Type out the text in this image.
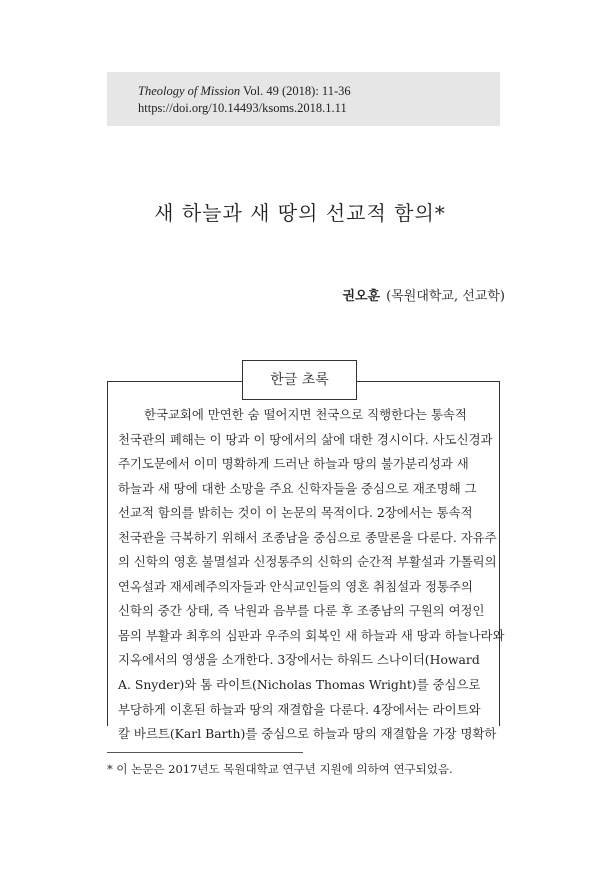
Theology of Mission Vol. 49 (2018): 11-36
https://doi.org/10.14493/ksoms.2018.1.11
새 하늘과 새 땅의 선교적 함의*
권오훈 (목원대학교, 선교학)
한글 초록
한국교회에 만연한 숨 떨어지면 천국으로 직행한다는 통속적
천국관의 폐해는 이 땅과 이 땅에서의 삶에 대한 경시이다. 사도신경과
주기도문에서 이미 명확하게 드러난 하늘과 땅의 불가분리성과 새
하늘과 새 땅에 대한 소망을 주요 신학자들을 중심으로 재조명해 그
선교적 함의를 밝히는 것이 이 논문의 목적이다. 2장에서는 통속적
천국관을 극복하기 위해서 조종남을 중심으로 종말론을 다룬다. 자유주
의 신학의 영혼 불멸설과 신정통주의 신학의 순간적 부활설과 가톨릭의
연옥설과 재세례주의자들과 안식교인들의 영혼 취침설과 정통주의
신학의 중간 상태, 즉 낙원과 음부를 다룬 후 조종남의 구원의 여정인
몸의 부활과 최후의 심판과 우주의 회복인 새 하늘과 새 땅과 하늘나라와
지옥에서의 영생을 소개한다. 3장에서는 하워드 스나이더(Howard
A. Snyder)와 톰 라이트(Nicholas Thomas Wright)를 중심으로
부당하게 이혼된 하늘과 땅의 재결합을 다룬다. 4장에서는 라이트와
칼 바르트(Karl Barth)를 중심으로 하늘과 땅의 재결합을 가장 명확하
* 이 논문은 2017년도 목원대학교 연구년 지원에 의하여 연구되었음.
